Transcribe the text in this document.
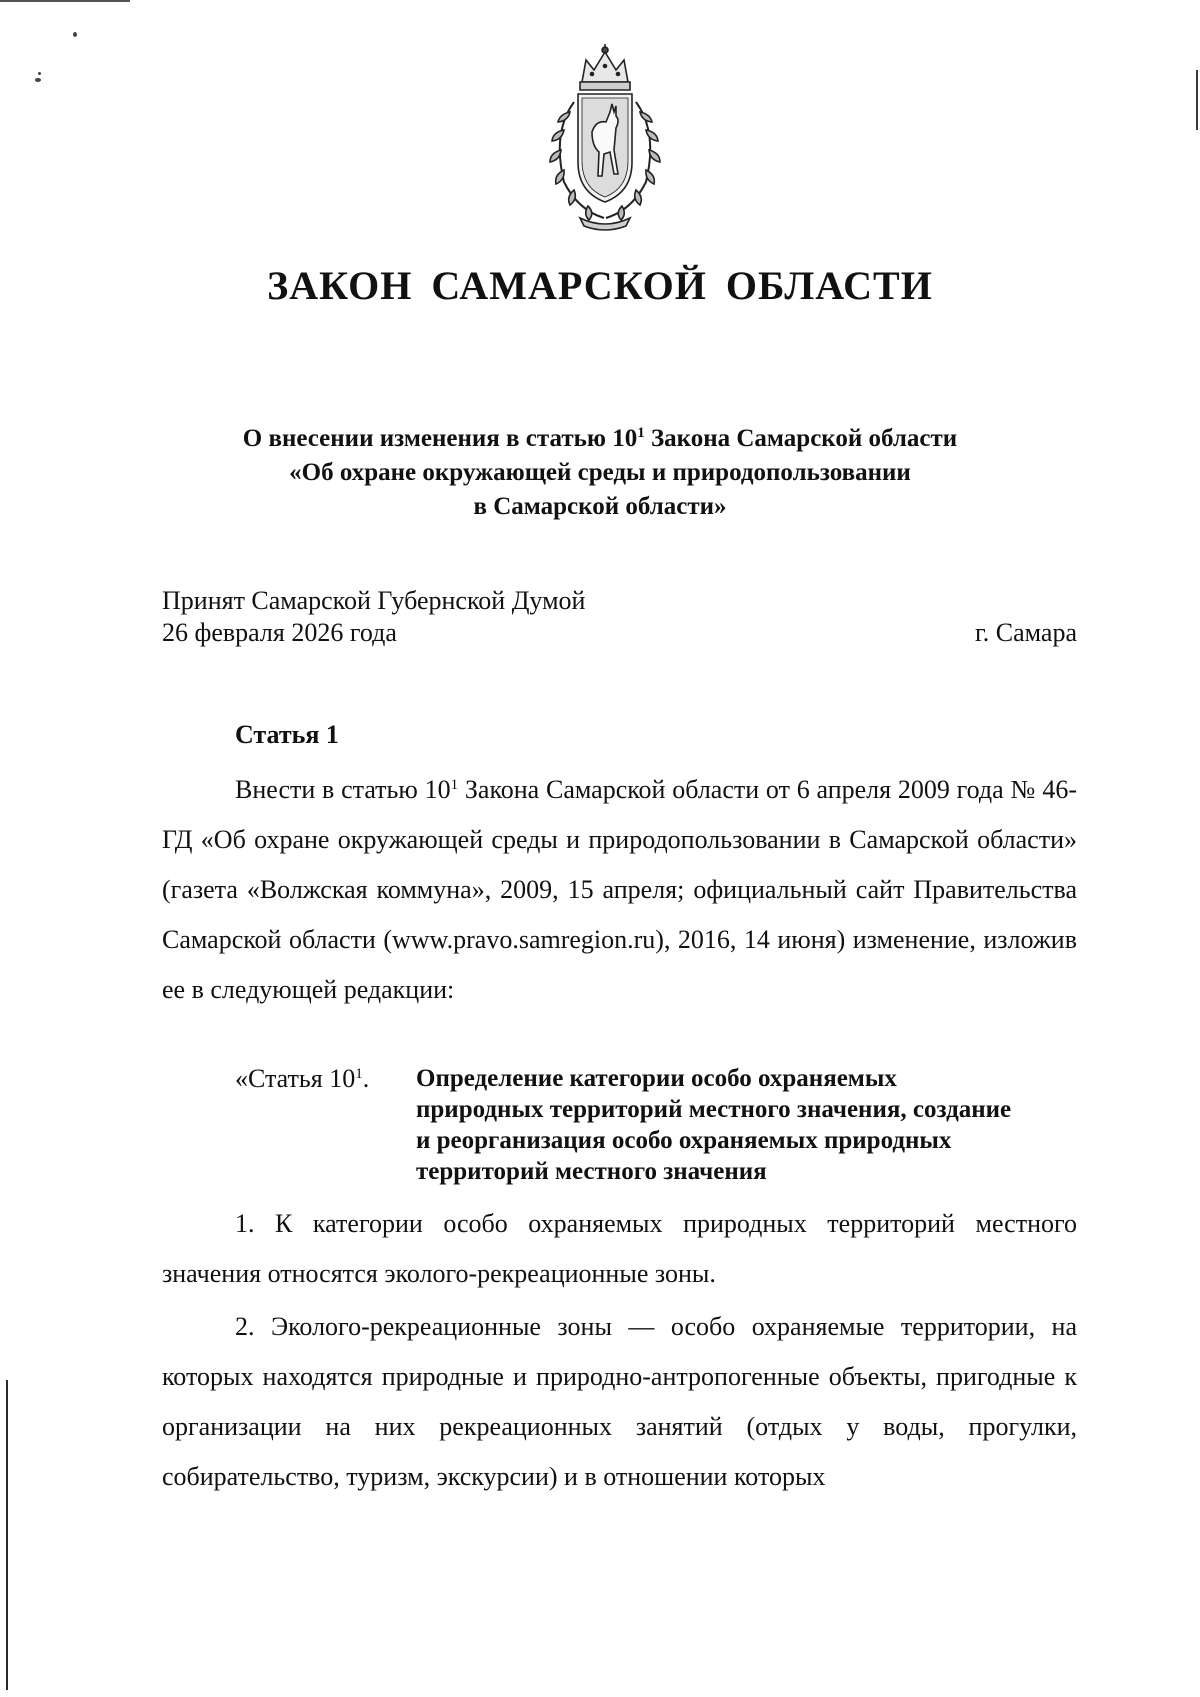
ЗАКОН САМАРСКОЙ ОБЛАСТИ
О внесении изменения в статью $10^1$ Закона Самарской области
«Об охране окружающей среды и природопользовании
в Самарской области»
Принят Самарской Губернской Думой
26 февраля 2026 года	г. Самара
Статья 1

Внести в статью $10^1$ Закона Самарской области от 6 апреля 2009 года № 46-ГД «Об охране окружающей среды и природопользовании в Самарской области» (газета «Волжская коммуна», 2009, 15 апреля; официальный сайт Правительства Самарской области (www.pravo.samregion.ru), 2016, 14 июня) изменение, изложив ее в следующей редакции:

«Статья $10^1$. Определение категории особо охраняемых природных территорий местного значения, создание и реорганизация особо охраняемых природных территорий местного значения

1. К категории особо охраняемых природных территорий местного значения относятся эколого-рекреационные зоны.

2. Эколого-рекреационные зоны — особо охраняемые территории, на которых находятся природные и природно-антропогенные объекты, пригодные к организации на них рекреационных занятий (отдых у воды, прогулки, собирательство, туризм, экскурсии) и в отношении которых
